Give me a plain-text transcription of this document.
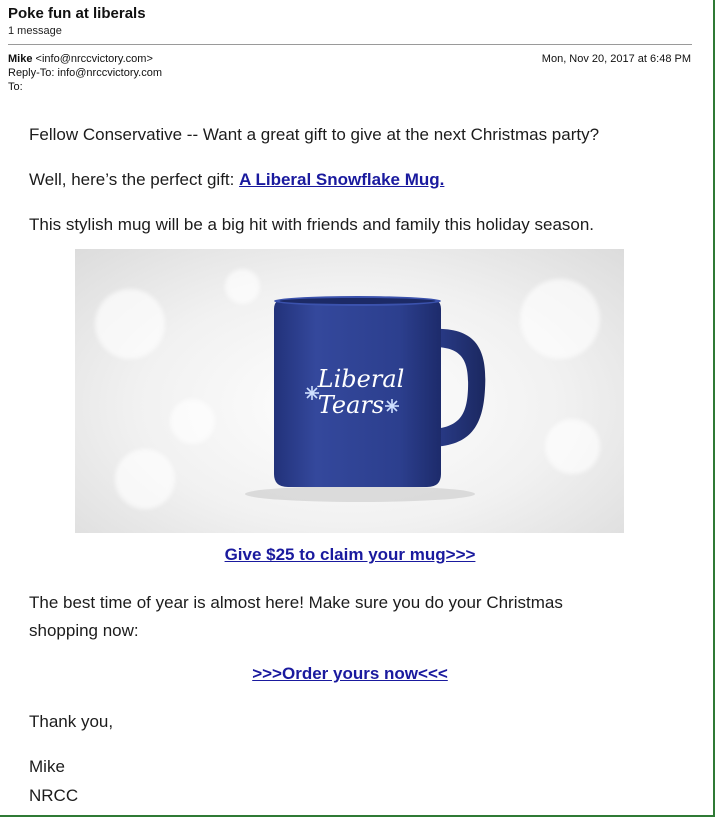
Poke fun at liberals
1 message
Mike <info@nrccvictory.com>	Mon, Nov 20, 2017 at 6:48 PM
Reply-To: info@nrccvictory.com
To:
Fellow Conservative -- Want a great gift to give at the next Christmas party?
Well, here’s the perfect gift: A Liberal Snowflake Mug.
This stylish mug will be a big hit with friends and family this holiday season.
Liberal
Tears
Give $25 to claim your mug>>>
The best time of year is almost here! Make sure you do your Christmas
shopping now:
>>>Order yours now<<<
Thank you,
Mike
NRCC
